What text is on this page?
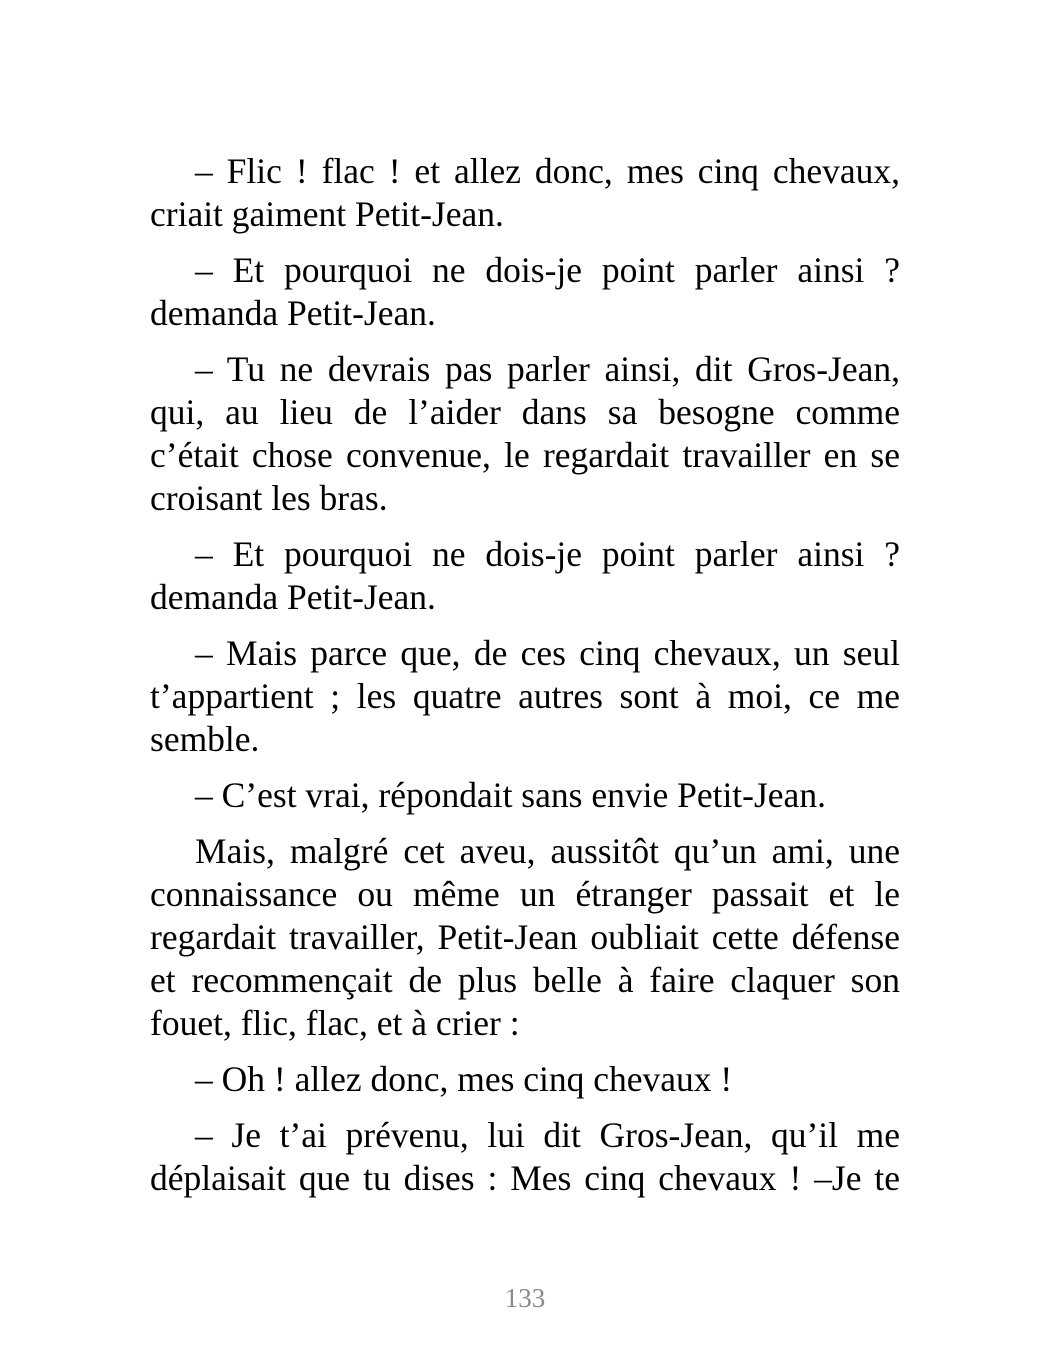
– Flic ! flac ! et allez donc, mes cinq chevaux, criait gaiment Petit-Jean.

– Et pourquoi ne dois-je point parler ainsi ? demanda Petit-Jean.

– Tu ne devrais pas parler ainsi, dit Gros-Jean, qui, au lieu de l’aider dans sa besogne comme c’était chose convenue, le regardait travailler en se croisant les bras.

– Et pourquoi ne dois-je point parler ainsi ? demanda Petit-Jean.

– Mais parce que, de ces cinq chevaux, un seul t’appartient ; les quatre autres sont à moi, ce me semble.

– C’est vrai, répondait sans envie Petit-Jean.

Mais, malgré cet aveu, aussitôt qu’un ami, une connaissance ou même un étranger passait et le regardait travailler, Petit-Jean oubliait cette défense et recommençait de plus belle à faire claquer son fouet, flic, flac, et à crier :

– Oh ! allez donc, mes cinq chevaux !

– Je t’ai prévenu, lui dit Gros-Jean, qu’il me déplaisait que tu dises : Mes cinq chevaux ! –Je te

133
